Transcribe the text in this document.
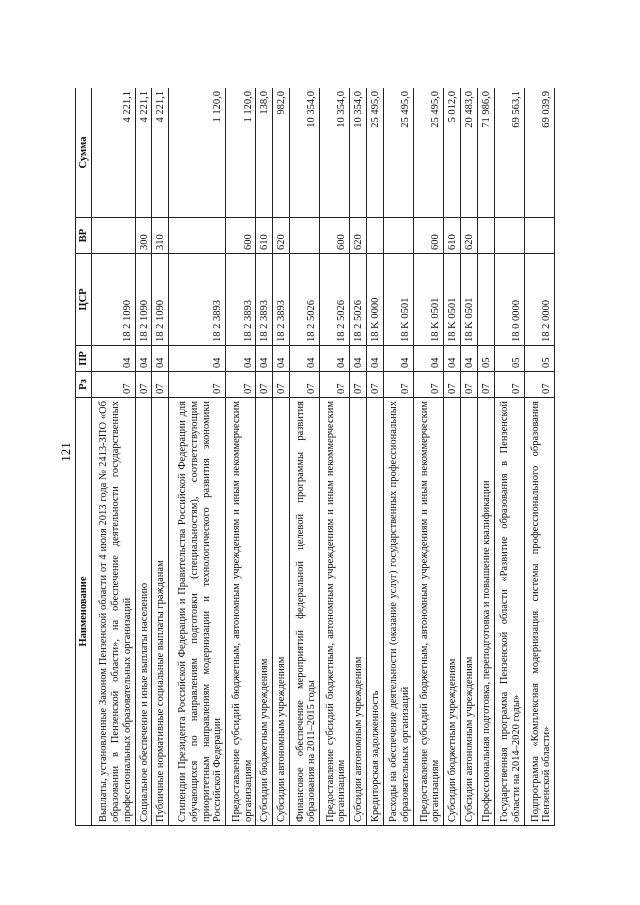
121
Наименование	Рз	ПР	ЦСР	ВР	Сумма
Выплаты, установленные Законом Пензенской области от 4 июля 2013 года № 2413-ЗПО «Об образовании в Пензенской области», на обеспечение деятельности государственных профессиональных образовательных организаций	07	04	18 2 1090		4 221,1
Социальное обеспечение и иные выплаты населению	07	04	18 2 1090	300	4 221,1
Публичные нормативные социальные выплаты гражданам	07	04	18 2 1090	310	4 221,1
Стипендии Президента Российской Федерации и Правительства Российской Федерации для обучающихся по направлениям подготовки (специальностям), соответствующим приоритетным направлениям модернизации и технологического развития экономики Российской Федерации	07	04	18 2 3893		1 120,0
Предоставление субсидий бюджетным, автономным учреждениям и иным некоммерческим организациям	07	04	18 2 3893	600	1 120,0
Субсидии бюджетным учреждениям	07	04	18 2 3893	610	138,0
Субсидии автономным учреждениям	07	04	18 2 3893	620	982,0
Финансовое обеспечение мероприятий федеральной целевой программы развития образования на 2011–2015 годы	07	04	18 2 5026		10 354,0
Предоставление субсидий бюджетным, автономным учреждениям и иным некоммерческим организациям	07	04	18 2 5026	600	10 354,0
Субсидии автономным учреждениям	07	04	18 2 5026	620	10 354,0
Кредиторская задолженность	07	04	18 K 0000		25 495,0
Расходы на обеспечение деятельности (оказание услуг) государственных профессиональных образовательных организаций	07	04	18 K 0501		25 495,0
Предоставление субсидий бюджетным, автономным учреждениям и иным некоммерческим организациям	07	04	18 K 0501	600	25 495,0
Субсидии бюджетным учреждениям	07	04	18 K 0501	610	5 012,0
Субсидии автономным учреждениям	07	04	18 K 0501	620	20 483,0
Профессиональная подготовка, переподготовка и повышение квалификации	07	05			71 986,0
Государственная программа Пензенской области «Развитие образования в Пензенской области на 2014–2020 годы»	07	05	18 0 0000		69 563,1
Подпрограмма «Комплексная модернизация системы профессионального образования Пензенской области»	07	05	18 2 0000		69 039,9
